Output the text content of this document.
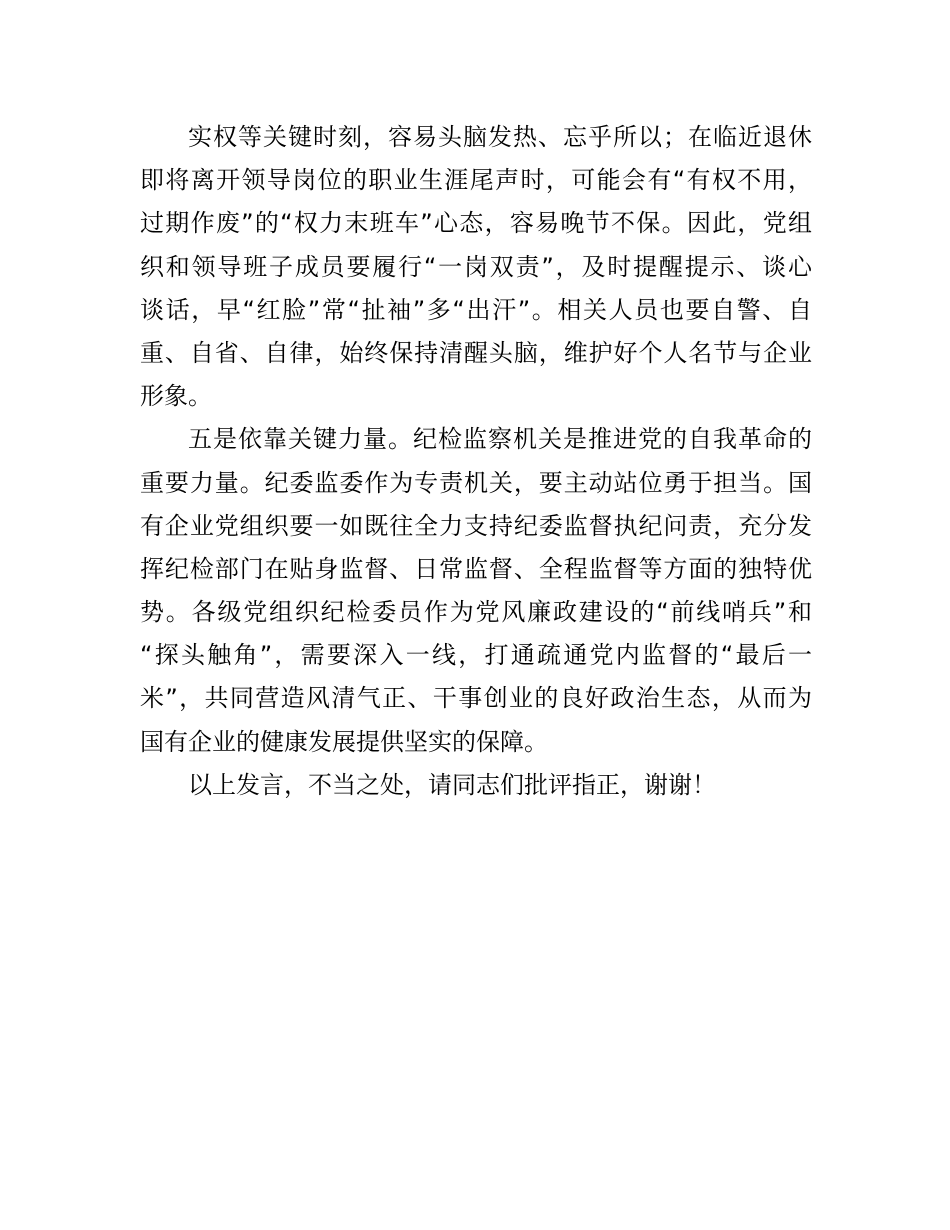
实权等关键时刻，容易头脑发热、忘乎所以；在临近退休
即将离开领导岗位的职业生涯尾声时，可能会有“有权不用，
过期作废”的“权力末班车”心态，容易晚节不保。因此，党组
织和领导班子成员要履行“一岗双责”，及时提醒提示、谈心
谈话，早“红脸”常“扯袖”多“出汗”。相关人员也要自警、自
重、自省、自律，始终保持清醒头脑，维护好个人名节与企业
形象。
五是依靠关键力量。纪检监察机关是推进党的自我革命的
重要力量。纪委监委作为专责机关，要主动站位勇于担当。国
有企业党组织要一如既往全力支持纪委监督执纪问责，充分发
挥纪检部门在贴身监督、日常监督、全程监督等方面的独特优
势。各级党组织纪检委员作为党风廉政建设的“前线哨兵”和
“探头触角”，需要深入一线，打通疏通党内监督的“最后一
米”，共同营造风清气正、干事创业的良好政治生态，从而为
国有企业的健康发展提供坚实的保障。
以上发言，不当之处，请同志们批评指正，谢谢！
